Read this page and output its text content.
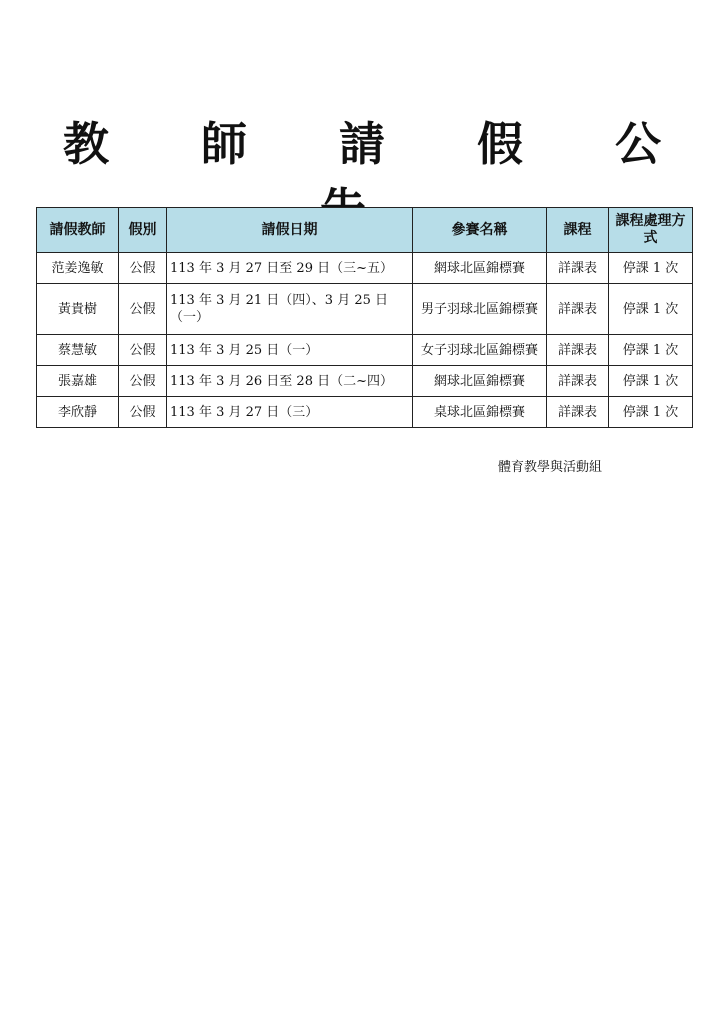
教 師 請 假 公
請假教師	假別	請假日期	參賽名稱	課程	課程處理方式
范姜逸敏	公假	113 年 3 月 27 日至 29 日（三~五）	網球北區錦標賽	詳課表	停課 1 次
黃貴樹	公假	113 年 3 月 21 日（四）、3 月 25 日（一）	男子羽球北區錦標賽	詳課表	停課 1 次
蔡慧敏	公假	113 年 3 月 25 日（一）	女子羽球北區錦標賽	詳課表	停課 1 次
張嘉雄	公假	113 年 3 月 26 日至 28 日（二~四）	網球北區錦標賽	詳課表	停課 1 次
李欣靜	公假	113 年 3 月 27 日（三）	桌球北區錦標賽	詳課表	停課 1 次
體育教學與活動組
